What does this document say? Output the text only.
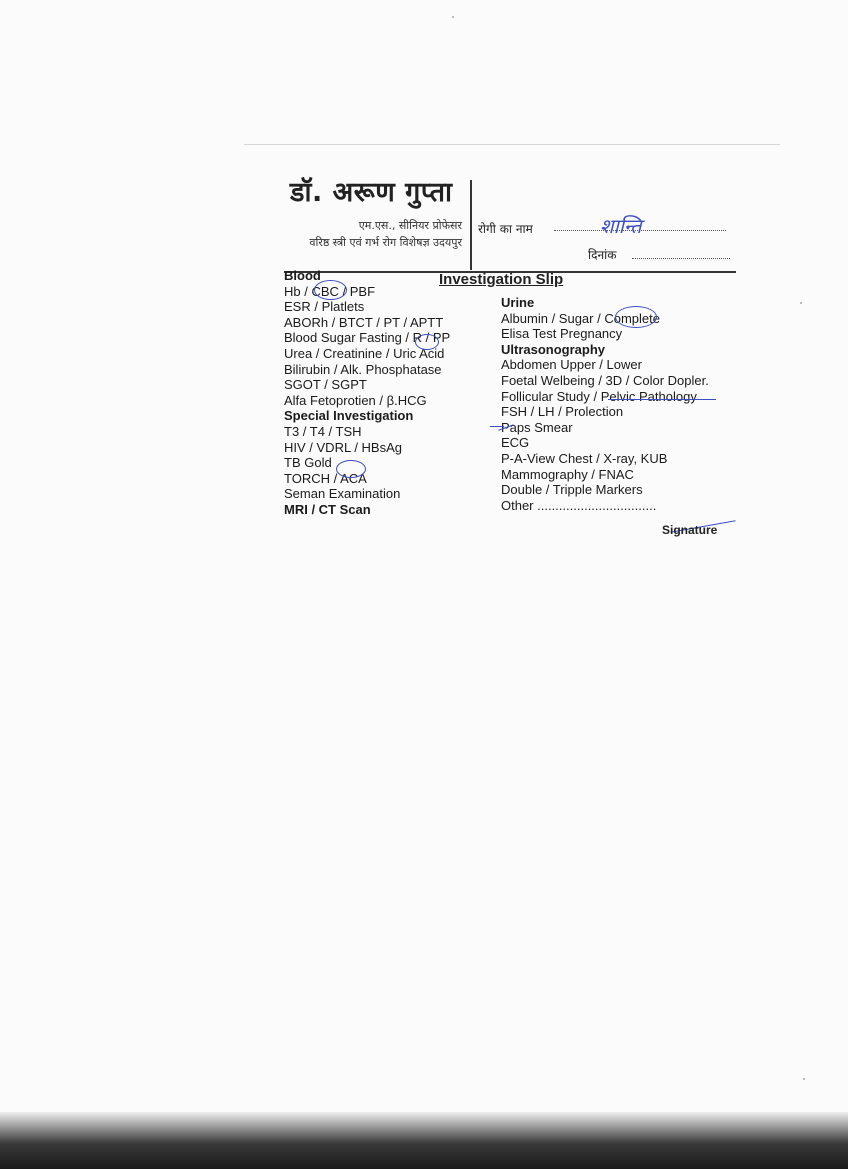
डॉ. अरूण गुप्ता
एम.एस., सीनियर प्रोफेसर
वरिष्ठ स्त्री एवं गर्भ रोग विशेषज्ञ उदयपुर
रोगी का नाम	शान्ति
दिनांक
Investigation Slip
Blood
Hb / CBC / PBF
ESR / Platlets
ABORh / BTCT / PT / APTT
Blood Sugar Fasting / R / PP
Urea / Creatinine / Uric Acid
Bilirubin / Alk. Phosphatase
SGOT / SGPT
Alfa Fetoprotien / β.HCG
Special Investigation
T3 / T4 / TSH
HIV / VDRL / HBsAg
TB Gold
TORCH / ACA
Seman Examination
MRI / CT Scan
Urine
Albumin / Sugar / Complete
Elisa Test Pregnancy
Ultrasonography
Abdomen Upper / Lower
Foetal Welbeing / 3D / Color Dopler.
Follicular Study / Pelvic Pathology
FSH / LH / Prolection
Paps Smear
ECG
P-A-View Chest / X-ray, KUB
Mammography / FNAC
Double / Tripple Markers
Other .................................
Signature
